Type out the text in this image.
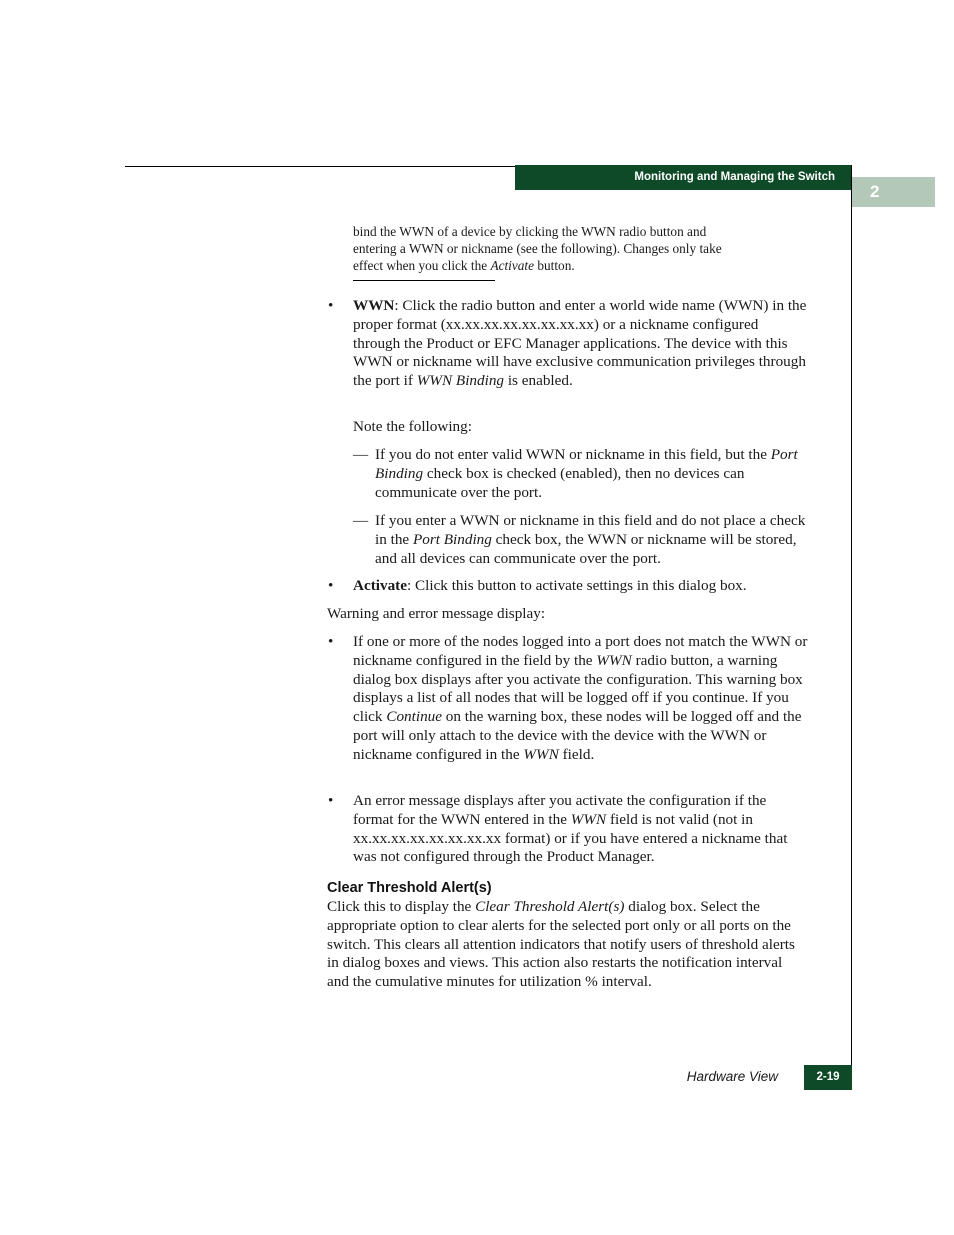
Monitoring and Managing the Switch
2
bind the WWN of a device by clicking the WWN radio button and
entering a WWN or nickname (see the following). Changes only take
effect when you click the Activate button.
•	WWN: Click the radio button and enter a world wide name (WWN) in the proper format (xx.xx.xx.xx.xx.xx.xx.xx) or a nickname configured through the Product or EFC Manager applications. The device with this WWN or nickname will have exclusive communication privileges through the port if WWN Binding is enabled.
Note the following:
— If you do not enter valid WWN or nickname in this field, but the Port Binding check box is checked (enabled), then no devices can communicate over the port.
— If you enter a WWN or nickname in this field and do not place a check in the Port Binding check box, the WWN or nickname will be stored, and all devices can communicate over the port.
•	Activate: Click this button to activate settings in this dialog box.
Warning and error message display:
•	If one or more of the nodes logged into a port does not match the WWN or nickname configured in the field by the WWN radio button, a warning dialog box displays after you activate the configuration. This warning box displays a list of all nodes that will be logged off if you continue. If you click Continue on the warning box, these nodes will be logged off and the port will only attach to the device with the device with the WWN or nickname configured in the WWN field.
•	An error message displays after you activate the configuration if the format for the WWN entered in the WWN field is not valid (not in xx.xx.xx.xx.xx.xx.xx.xx format) or if you have entered a nickname that was not configured through the Product Manager.
Clear Threshold Alert(s)
Click this to display the Clear Threshold Alert(s) dialog box. Select the appropriate option to clear alerts for the selected port only or all ports on the switch. This clears all attention indicators that notify users of threshold alerts in dialog boxes and views. This action also restarts the notification interval and the cumulative minutes for utilization % interval.
Hardware View	2-19
